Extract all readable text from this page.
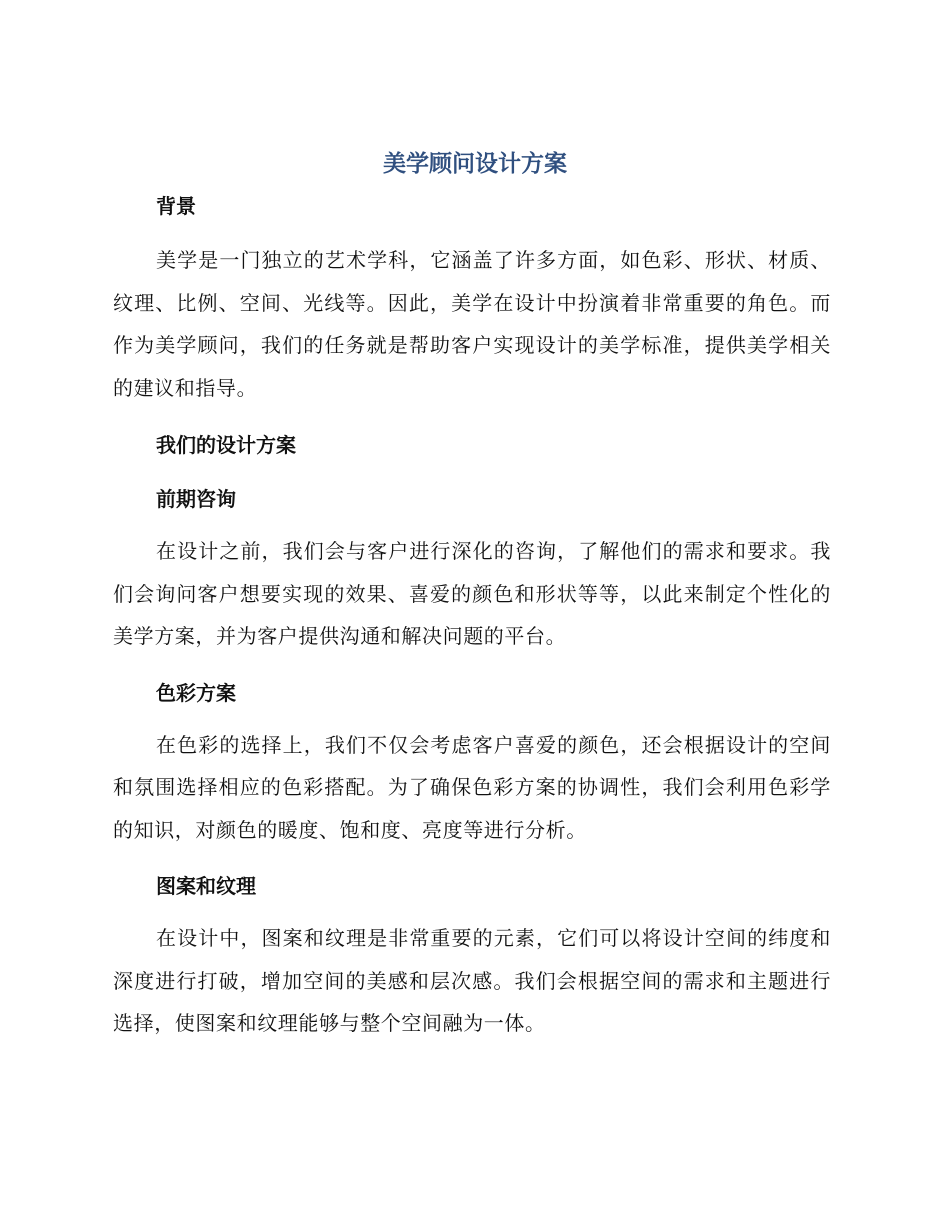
美学顾问设计方案
背景

美学是一门独立的艺术学科，它涵盖了许多方面，如色彩、形状、材质、纹理、比例、空间、光线等。因此，美学在设计中扮演着非常重要的角色。而作为美学顾问，我们的任务就是帮助客户实现设计的美学标准，提供美学相关的建议和指导。

我们的设计方案
前期咨询

在设计之前，我们会与客户进行深化的咨询，了解他们的需求和要求。我们会询问客户想要实现的效果、喜爱的颜色和形状等等，以此来制定个性化的美学方案，并为客户提供沟通和解决问题的平台。

色彩方案

在色彩的选择上，我们不仅会考虑客户喜爱的颜色，还会根据设计的空间和氛围选择相应的色彩搭配。为了确保色彩方案的协调性，我们会利用色彩学的知识，对颜色的暖度、饱和度、亮度等进行分析。

图案和纹理

在设计中，图案和纹理是非常重要的元素，它们可以将设计空间的纬度和深度进行打破，增加空间的美感和层次感。我们会根据空间的需求和主题进行选择，使图案和纹理能够与整个空间融为一体。
